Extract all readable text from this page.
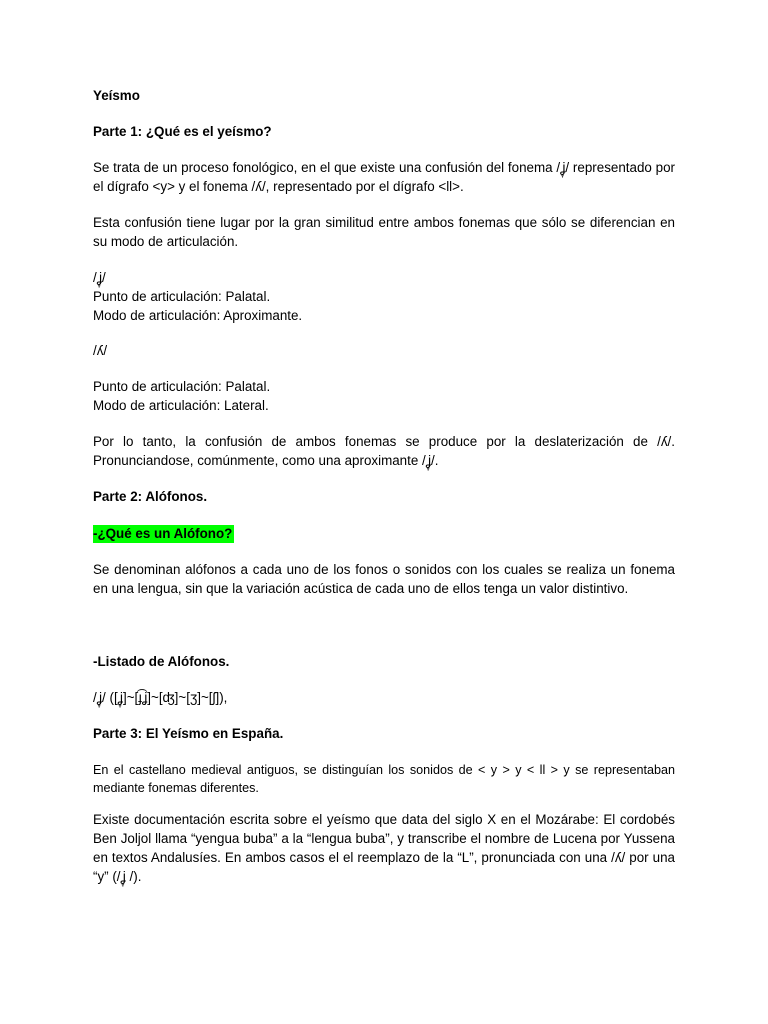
Yeísmo

Parte 1: ¿Qué es el yeísmo?

Se trata de un proceso fonológico, en el que existe una confusión del fonema /ʝ̞/ representado por el dígrafo <y> y el fonema /ʎ/, representado por el dígrafo <ll>.

Esta confusión tiene lugar por la gran similitud entre ambos fonemas que sólo se diferencian en su modo de articulación.

/ʝ̞/
Punto de articulación: Palatal.
Modo de articulación: Aproximante.

/ʎ/

Punto de articulación: Palatal.
Modo de articulación: Lateral.

Por lo tanto, la confusión de ambos fonemas se produce por la deslaterización de /ʎ/. Pronunciandose, comúnmente, como una aproximante /ʝ̞/.

Parte 2: Alófonos.

-¿Qué es un Alófono?

Se denominan alófonos a cada uno de los fonos o sonidos con los cuales se realiza un fonema en una lengua, sin que la variación acústica de cada uno de ellos tenga un valor distintivo.

-Listado de Alófonos.

/ʝ̞/ ([ʝ̞]~[ɟ͡ʝ]~[ʤ]~[ʒ]~[ʃ]),

Parte 3: El Yeísmo en España.

En el castellano medieval antiguos, se distinguían los sonidos de < y > y < ll > y se representaban mediante fonemas diferentes.

Existe documentación escrita sobre el yeísmo que data del siglo X en el Mozárabe: El cordobés Ben Joljol llama “yengua buba” a la “lengua buba”, y transcribe el nombre de Lucena por Yussena en textos Andalusíes. En ambos casos el el reemplazo de la “L”, pronunciada con una /ʎ/ por una “y” (/ʝ̞ /).
